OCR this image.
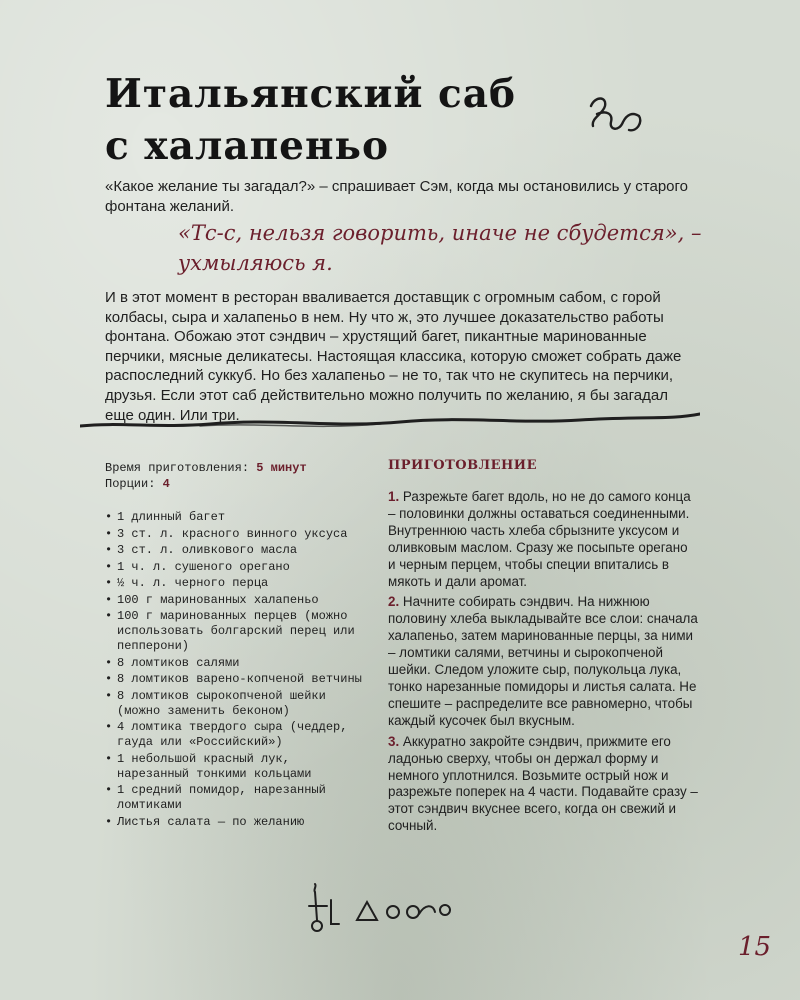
Итальянский саб
с халапеньо
«Какое желание ты загадал?» – спрашивает Сэм, когда мы остановились у старого фонтана желаний.
«Тс-с, нельзя говорить, иначе не сбудется», –
ухмыляюсь я.
И в этот момент в ресторан вваливается доставщик с огромным сабом, с горой колбасы, сыра и халапеньо в нем. Ну что ж, это лучшее доказательство работы фонтана. Обожаю этот сэндвич – хрустящий багет, пикантные маринованные перчики, мясные деликатесы. Настоящая классика, которую сможет собрать даже распоследний суккуб. Но без халапеньо – не то, так что не скупитесь на перчики, друзья. Если этот саб действительно можно получить по желанию, я бы загадал еще один. Или три.
Время приготовления: 5 минут
Порции: 4
• 1 длинный багет
• 3 ст. л. красного винного уксуса
• 3 ст. л. оливкового масла
• 1 ч. л. сушеного орегано
• ½ ч. л. черного перца
• 100 г маринованных халапеньо
• 100 г маринованных перцев (можно использовать болгарский перец или пепперони)
• 8 ломтиков салями
• 8 ломтиков варено-копченой ветчины
• 8 ломтиков сырокопченой шейки (можно заменить беконом)
• 4 ломтика твердого сыра (чеддер, гауда или «Российский»)
• 1 небольшой красный лук, нарезанный тонкими кольцами
• 1 средний помидор, нарезанный ломтиками
• Листья салата — по желанию
ПРИГОТОВЛЕНИЕ

1. Разрежьте багет вдоль, но не до самого конца – половинки должны оставаться соединенными. Внутреннюю часть хлеба сбрызните уксусом и оливковым маслом. Сразу же посыпьте орегано и черным перцем, чтобы специи впитались в мякоть и дали аромат.

2. Начните собирать сэндвич. На нижнюю половину хлеба выкладывайте все слои: сначала халапеньо, затем маринованные перцы, за ними – ломтики салями, ветчины и сырокопченой шейки. Следом уложите сыр, полукольца лука, тонко нарезанные помидоры и листья салата. Не спешите – распределите все равномерно, чтобы каждый кусочек был вкусным.

3. Аккуратно закройте сэндвич, прижмите его ладонью сверху, чтобы он держал форму и немного уплотнился. Возьмите острый нож и разрежьте поперек на 4 части. Подавайте сразу – этот сэндвич вкуснее всего, когда он свежий и сочный.

15
